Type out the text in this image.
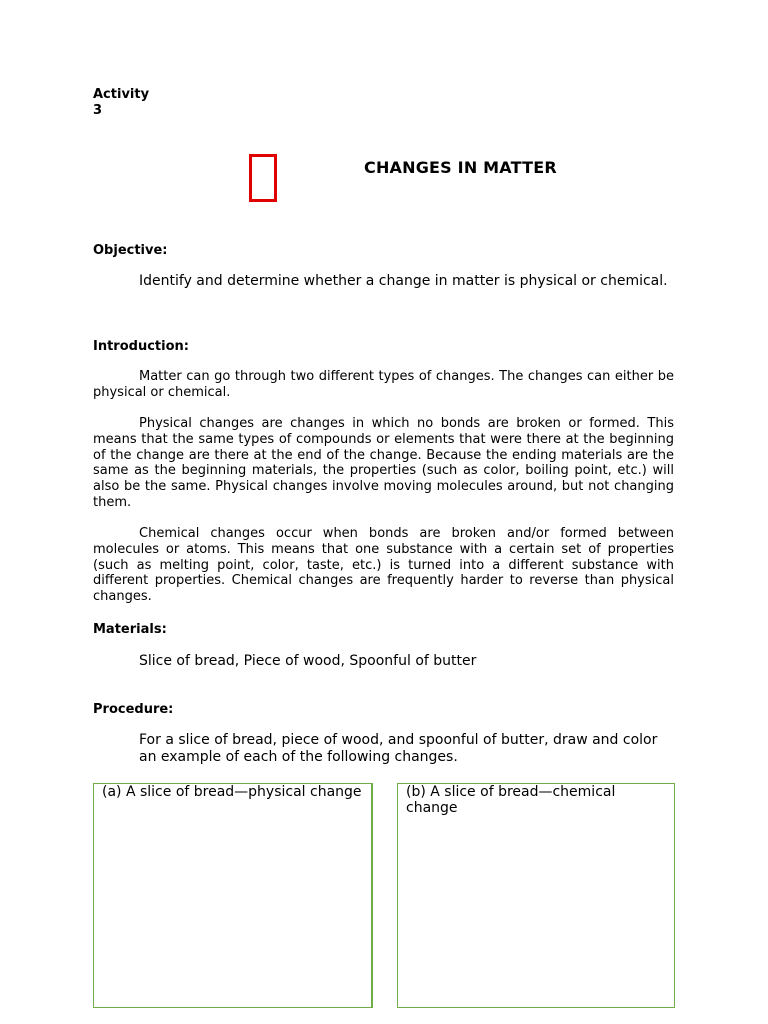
Activity
3
CHANGES IN MATTER
Objective:
Identify and determine whether a change in matter is physical or chemical.
Introduction:
Matter can go through two different types of changes. The changes can either be physical or chemical.
Physical changes are changes in which no bonds are broken or formed. This means that the same types of compounds or elements that were there at the beginning of the change are there at the end of the change. Because the ending materials are the same as the beginning materials, the properties (such as color, boiling point, etc.) will also be the same. Physical changes involve moving molecules around, but not changing them.
Chemical changes occur when bonds are broken and/or formed between molecules or atoms. This means that one substance with a certain set of properties (such as melting point, color, taste, etc.) is turned into a different substance with different properties. Chemical changes are frequently harder to reverse than physical changes.
Materials:
Slice of bread, Piece of wood, Spoonful of butter
Procedure:
For a slice of bread, piece of wood, and spoonful of butter, draw and color an example of each of the following changes.
(a) A slice of bread—physical change	(b) A slice of bread—chemical change
